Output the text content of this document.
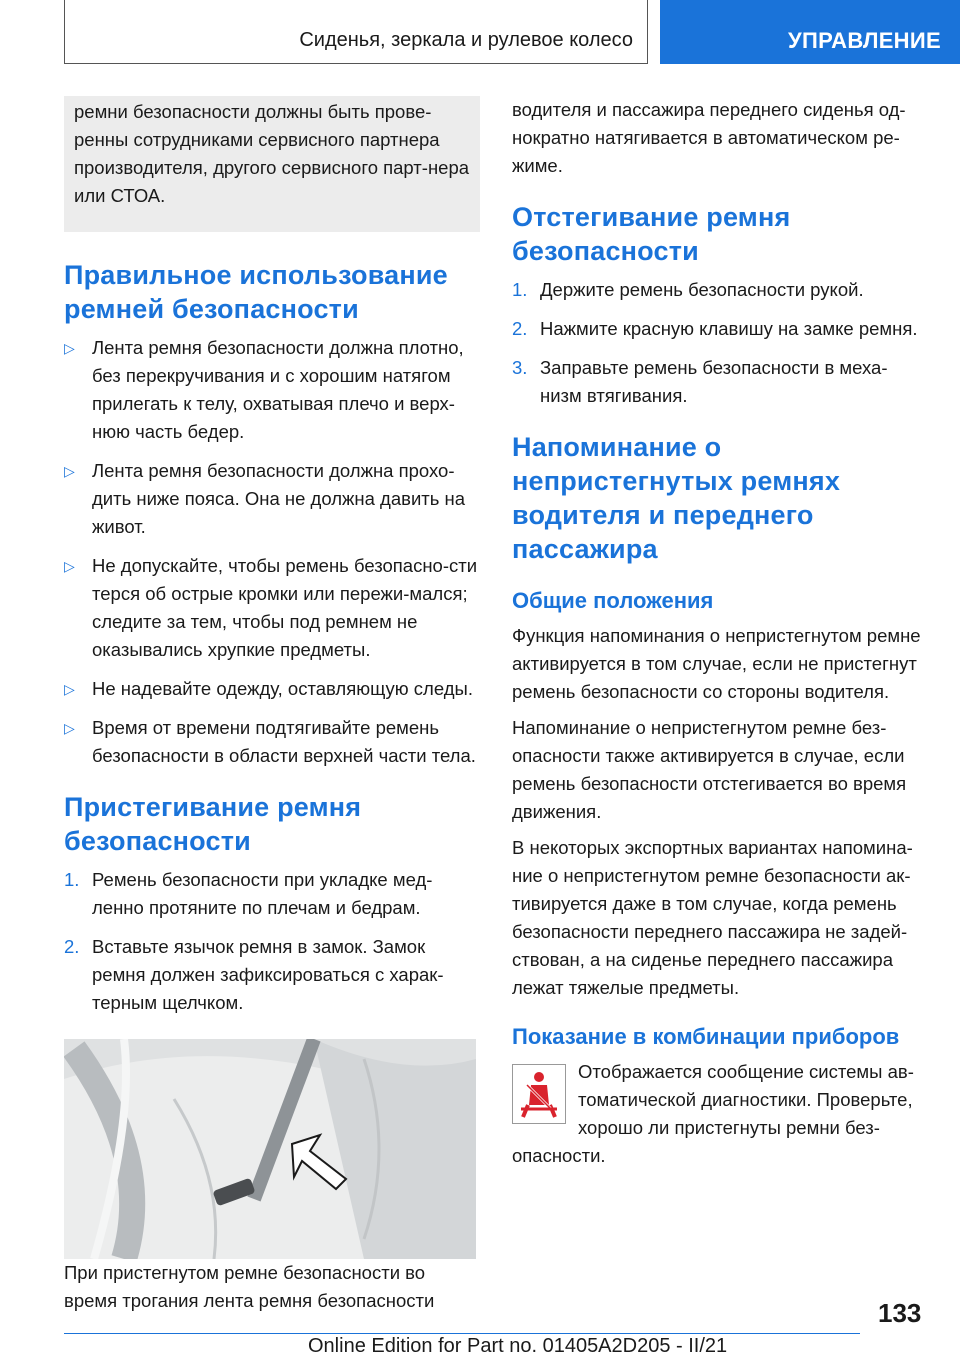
Сиденья, зеркала и рулевое колесо	УПРАВЛЕНИЕ

ремни безопасности должны быть прове-ренны сотрудниками сервисного партнера производителя, другого сервисного парт-нера или СТОА.

Правильное использование ремней безопасности
▷ Лента ремня безопасности должна плотно, без перекручивания и с хорошим натягом прилегать к телу, охватывая плечо и верх-нюю часть бедер.
▷ Лента ремня безопасности должна прохо-дить ниже пояса. Она не должна давить на живот.
▷ Не допускайте, чтобы ремень безопасно-сти терся об острые кромки или пережи-мался; следите за тем, чтобы под ремнем не оказывались хрупкие предметы.
▷ Не надевайте одежду, оставляющую следы.
▷ Время от времени подтягивайте ремень безопасности в области верхней части тела.
Пристегивание ремня безопасности
1. Ремень безопасности при укладке мед-ленно протяните по плечам и бедрам.
2. Вставьте язычок ремня в замок. Замок ремня должен зафиксироваться с харак-терным щелчком.

При пристегнутом ремне безопасности во время трогания лента ремня безопасности

водителя и пассажира переднего сиденья од-нократно натягивается в автоматическом ре-жиме.

Отстегивание ремня безопасности
1. Держите ремень безопасности рукой.
2. Нажмите красную клавишу на замке ремня.
3. Заправьте ремень безопасности в меха-низм втягивания.
Напоминание о непристегнутых ремнях водителя и переднего пассажира
Общие положения

Функция напоминания о непристегнутом ремне активируется в том случае, если не пристегнут ремень безопасности со стороны водителя.

Напоминание о непристегнутом ремне без-опасности также активируется в случае, если ремень безопасности отстегивается во время движения.

В некоторых экспортных вариантах напомина-ние о непристегнутом ремне безопасности ак-тивируется даже в том случае, когда ремень безопасности переднего пассажира не задей-ствован, а на сиденье переднего пассажира лежат тяжелые предметы.

Показание в комбинации приборов

Отображается сообщение системы ав-томатической диагностики. Проверьте, хорошо ли пристегнуты ремни без-опасности.

133
Online Edition for Part no. 01405A2D205 - II/21
